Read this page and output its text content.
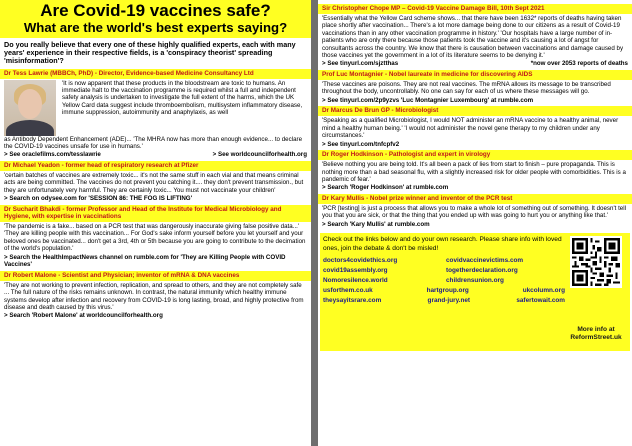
Are Covid-19 vaccines safe?
What are the world's best experts saying?
Do you really believe that every one of these highly qualified experts, each with many years' experience in their respective fields, is a 'conspiracy theorist' spreading 'misinformation'?
Dr Tess Lawrie (MBBCh, PhD) - Director, Evidence-based Medicine Consultancy Ltd
'It is now apparent that these products in the bloodstream are toxic to humans. An immediate halt to the vaccination programme is required whilst a full and independent safety analysis is undertaken to investigate the full extent of the harms, which the UK Yellow Card data suggest include thromboembolism, multisystem inflammatory disease, immune suppression, autoimmunity and anaphylaxis, as well
as Antibody Dependent Enhancement (ADE)... 'The MHRA now has more than enough evidence... to declare the COVID-19 vaccines unsafe for use in humans.'
> See oraclefilms.com/tesslawrie	> See worldcouncilforhealth.org
Dr Michael Yeadon - former head of respiratory research at Pfizer
'certain batches of vaccines are extremely toxic... it's not the same stuff in each vial and that means criminal acts are being committed. The vaccines do not prevent you catching it.... they don't prevent transmission., but they are unfortunately very harmful. They are certainly toxic... You must not vaccinate your children'
> Search on odysee.com for 'SESSION 86: THE FOG IS LIFTING'
Dr Sucharit Bhakdi - former Professor and Head of the Institute for Medical Microbiology and Hygiene, with expertise in vaccinations
'The pandemic is a fake... based on a PCR test that was dangerously inaccurate giving false positive data...' 'They are killing people with this vaccination... For God's sake inform yourself before you let yourself and your beloved ones be vaccinated... don't get a 3rd, 4th or 5th because you are going to contribute to the decimation of the world's population.'
> Search the HealthImpactNews channel on rumble.com for 'They are Killing People with COVID Vaccines'
Dr Robert Malone - Scientist and Physician; inventor of mRNA & DNA vaccines
'They are not working to prevent infection, replication, and spread to others, and they are not completely safe ... The full nature of the risks remains unknown. In contrast, the natural immunity which healthy immune systems develop after infection and recovery from COVID-19 is long lasting, broad, and highly protective from disease and death caused by this virus.'
> Search 'Robert Malone' at worldcouncilforhealth.org
Sir Christopher Chope MP – Covid-19 Vaccine Damage Bill, 10th Sept 2021
'Essentially what the Yellow Card scheme shows... that there have been 1632* reports of deaths having taken place shortly after vaccination... There's a lot more damage being done to our citizens as a result of Covid-19 vaccinations than in any other vaccination programme in history.' 'Our hospitals have a large number of in-patients who are only there because those patients took the vaccine and it's causing a lot of angst for consultants across the country. We know that there is causation between vaccinations and damage caused by those vaccines yet the government in a lot of its literature seems to be denying it.'
> See tinyurl.com/sjztthas	*now over 2053 reports of deaths
Prof Luc Montagnier - Nobel laureate in medicine for discovering AIDS
'These vaccines are poisons. They are not real vaccines. The mRNA allows its message to be transcribed throughout the body, uncontrollably. No one can say for each of us where these messages will go.
> See tinyurl.com/2p9yzvs 'Luc Montagnier Luxembourg' at rumble.com
Dr Marcus De Brun GP - Microbiologist
'Speaking as a qualified Microbiologist, I would NOT administer an mRNA vaccine to a healthy animal, never mind a healthy human being.' 'I would not administer the novel gene therapy to my children under any circumstances.'
> See tinyurl.com/tnfcpfv2
Dr Roger Hodkinson - Pathologist and expert in virology
'Believe nothing you are being told. It's all been a pack of lies from start to finish – pure propaganda. This is nothing more than a bad seasonal flu, with a slightly increased risk for older people with comorbidities. This is a pandemic of fear.'
> Search 'Roger Hodkinson' at rumble.com
Dr Kary Mullis - Nobel prize winner and inventor of the PCR test
'PCR [testing] is just a process that allows you to make a whole lot of something out of something. It doesn't tell you that you are sick, or that the thing that you ended up with was going to hurt you or anything like that.'
> Search 'Kary Mullis' at rumble.com
Check out the links below and do your own research. Please share info with loved ones, join the debate & don't be misled!
doctors4covidethics.org	covidvaccinevictims.com
covid19assembly.org	togetherdeclaration.org
Nomoresilence.world	childrensunion.org
usforthem.co.uk	hartgroup.org	ukcolumn.org
theysayitsrare.com	grand-jury.net	safertowait.com
More info at ReformStreet.uk
